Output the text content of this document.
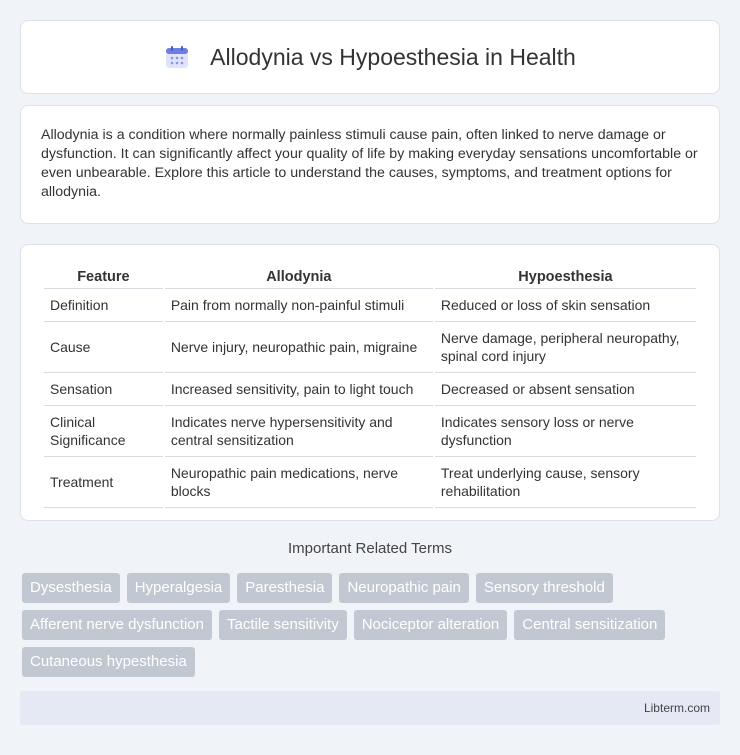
Allodynia vs Hypoesthesia in Health

Allodynia is a condition where normally painless stimuli cause pain, often linked to nerve damage or dysfunction. It can significantly affect your quality of life by making everyday sensations uncomfortable or even unbearable. Explore this article to understand the causes, symptoms, and treatment options for allodynia.

Feature	Allodynia	Hypoesthesia
Definition	Pain from normally non-painful stimuli	Reduced or loss of skin sensation
Cause	Nerve injury, neuropathic pain, migraine	Nerve damage, peripheral neuropathy, spinal cord injury
Sensation	Increased sensitivity, pain to light touch	Decreased or absent sensation
Clinical Significance	Indicates nerve hypersensitivity and central sensitization	Indicates sensory loss or nerve dysfunction
Treatment	Neuropathic pain medications, nerve blocks	Treat underlying cause, sensory rehabilitation
Important Related Terms
Dysesthesia	Hyperalgesia	Paresthesia	Neuropathic pain	Sensory threshold
Afferent nerve dysfunction	Tactile sensitivity	Nociceptor alteration	Central sensitization
Cutaneous hypesthesia
Libterm.com
